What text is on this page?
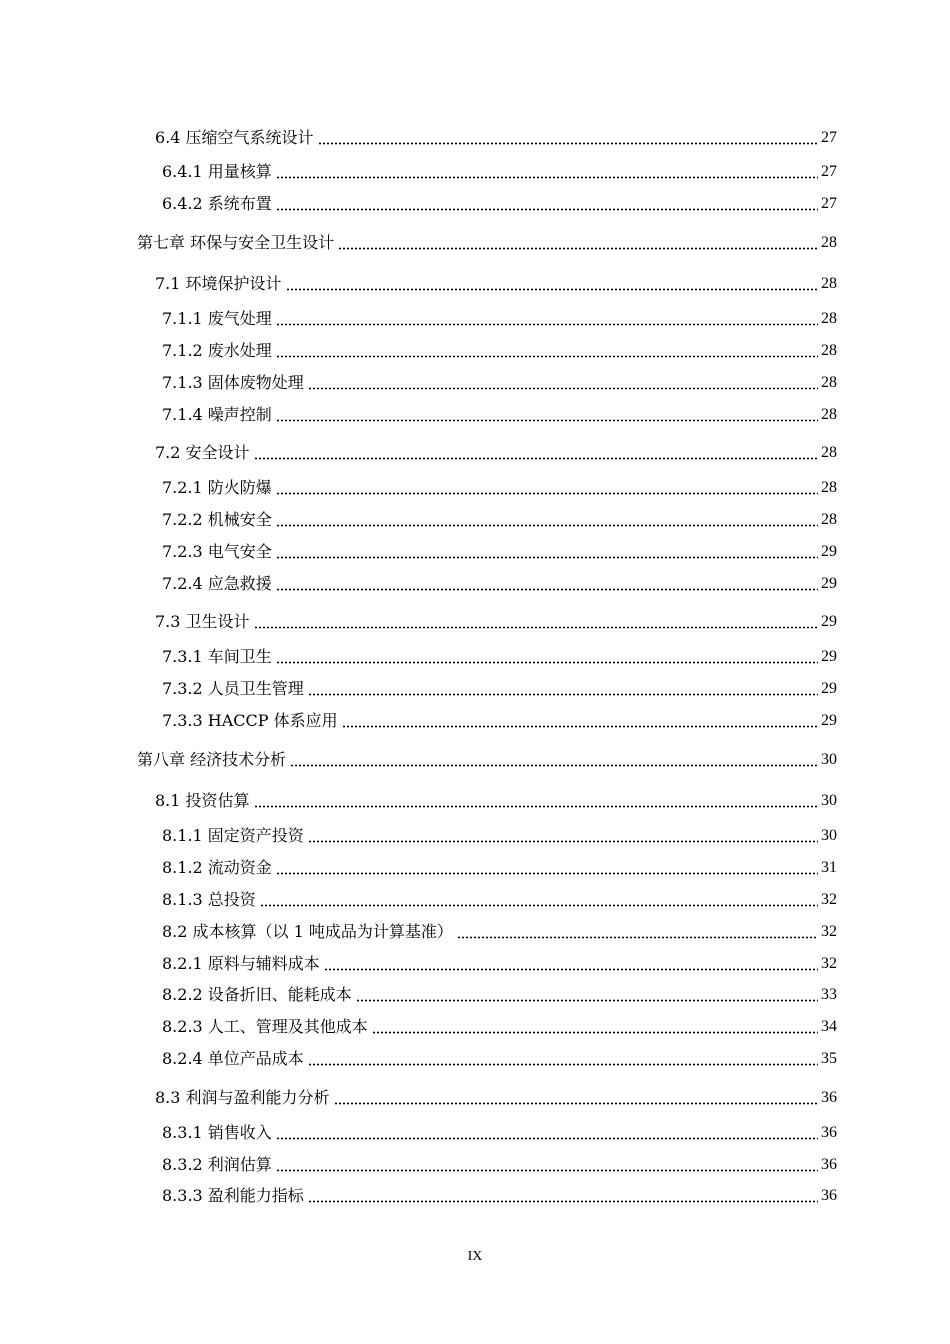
6.4 压缩空气系统设计	27
6.4.1 用量核算	27
6.4.2 系统布置	27
第七章 环保与安全卫生设计	28
7.1 环境保护设计	28
7.1.1 废气处理	28
7.1.2 废水处理	28
7.1.3 固体废物处理	28
7.1.4 噪声控制	28
7.2 安全设计	28
7.2.1 防火防爆	28
7.2.2 机械安全	28
7.2.3 电气安全	29
7.2.4 应急救援	29
7.3 卫生设计	29
7.3.1 车间卫生	29
7.3.2 人员卫生管理	29
7.3.3 HACCP 体系应用	29
第八章 经济技术分析	30
8.1 投资估算	30
8.1.1 固定资产投资	30
8.1.2 流动资金	31
8.1.3 总投资	32
8.2 成本核算（以 1 吨成品为计算基准）	32
8.2.1 原料与辅料成本	32
8.2.2 设备折旧、能耗成本	33
8.2.3 人工、管理及其他成本	34
8.2.4 单位产品成本	35
8.3 利润与盈利能力分析	36
8.3.1 销售收入	36
8.3.2 利润估算	36
8.3.3 盈利能力指标	36
IX
